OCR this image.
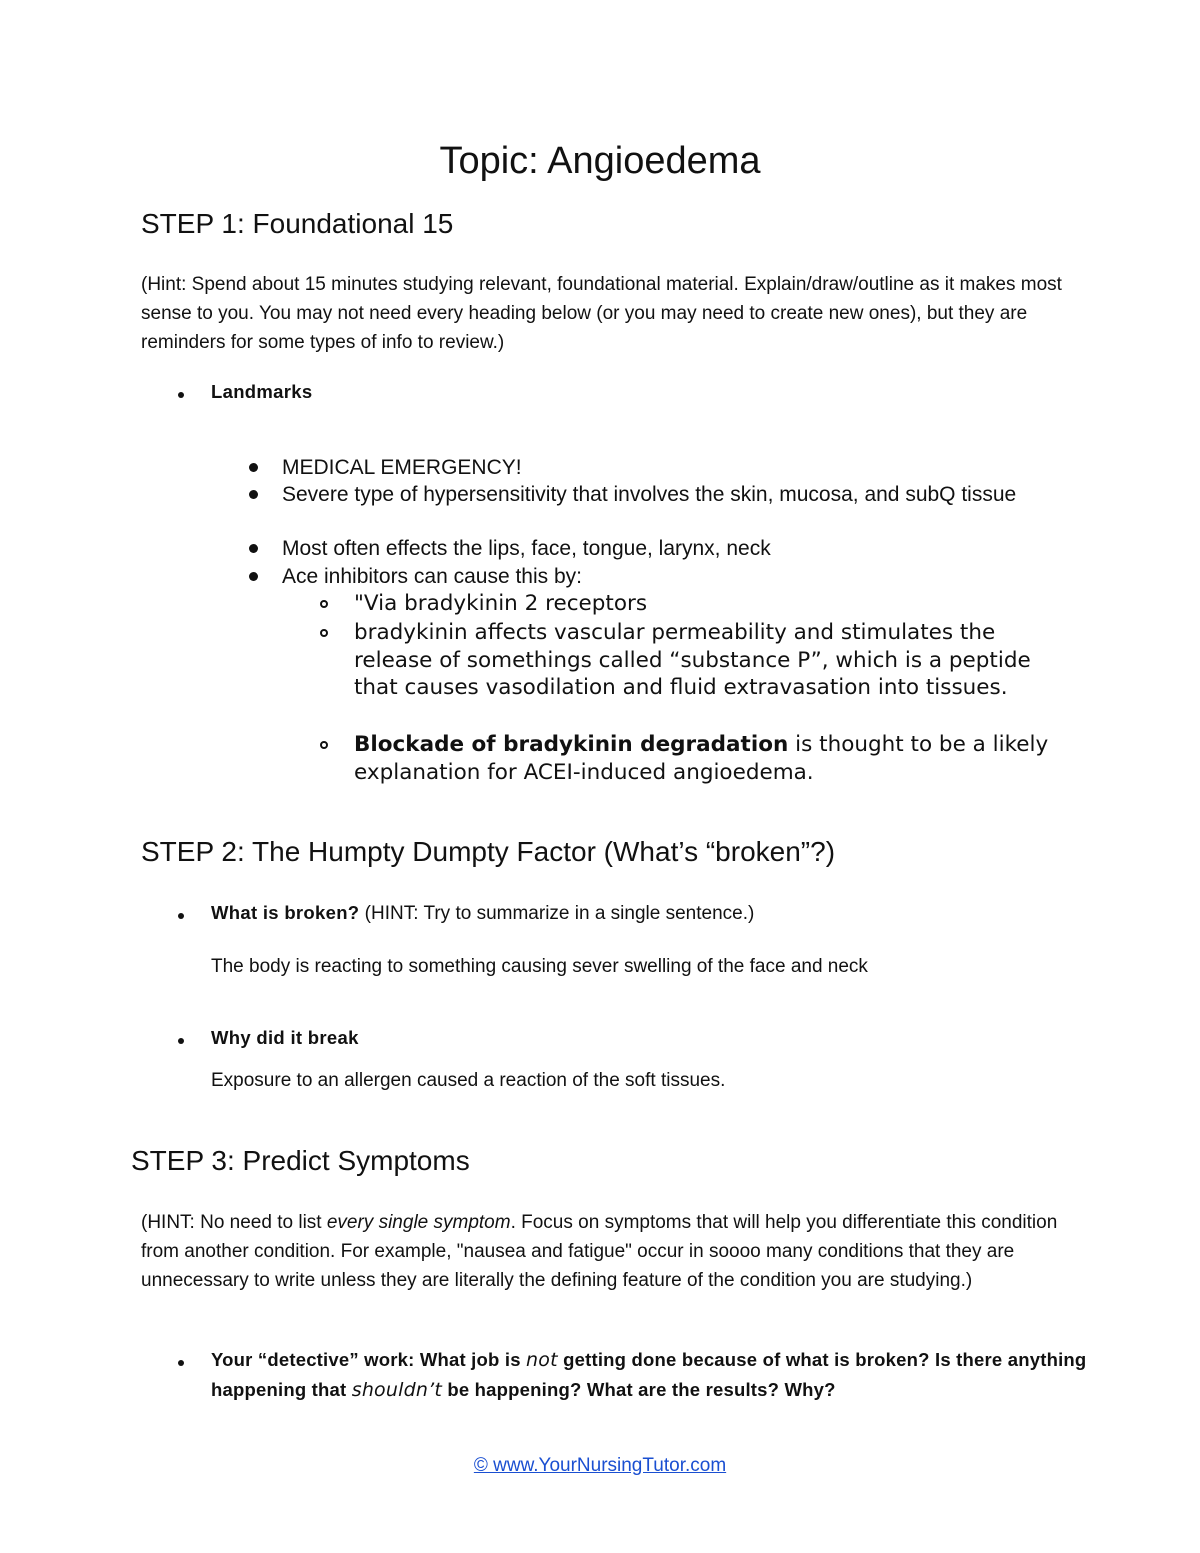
Topic: Angioedema
STEP 1: Foundational 15

(Hint: Spend about 15 minutes studying relevant, foundational material. Explain/draw/outline as it makes most sense to you. You may not need every heading below (or you may need to create new ones), but they are reminders for some types of info to review.)

Landmarks
MEDICAL EMERGENCY!
Severe type of hypersensitivity that involves the skin, mucosa, and subQ tissue
Most often effects the lips, face, tongue, larynx, neck
Ace inhibitors can cause this by:
"Via bradykinin 2 receptors
bradykinin affects vascular permeability and stimulates the release of somethings called “substance P”, which is a peptide that causes vasodilation and fluid extravasation into tissues.

Blockade of bradykinin degradation is thought to be a likely explanation for ACEI-induced angioedema.

STEP 2: The Humpty Dumpty Factor (What’s “broken”?)

What is broken? (HINT: Try to summarize in a single sentence.)

The body is reacting to something causing sever swelling of the face and neck

Why did it break

Exposure to an allergen caused a reaction of the soft tissues.

STEP 3: Predict Symptoms

(HINT: No need to list every single symptom. Focus on symptoms that will help you differentiate this condition from another condition. For example, "nausea and fatigue" occur in soooo many conditions that they are unnecessary to write unless they are literally the defining feature of the condition you are studying.)

Your “detective” work: What job is not getting done because of what is broken? Is there anything happening that shouldn’t be happening? What are the results? Why?

© www.YourNursingTutor.com
